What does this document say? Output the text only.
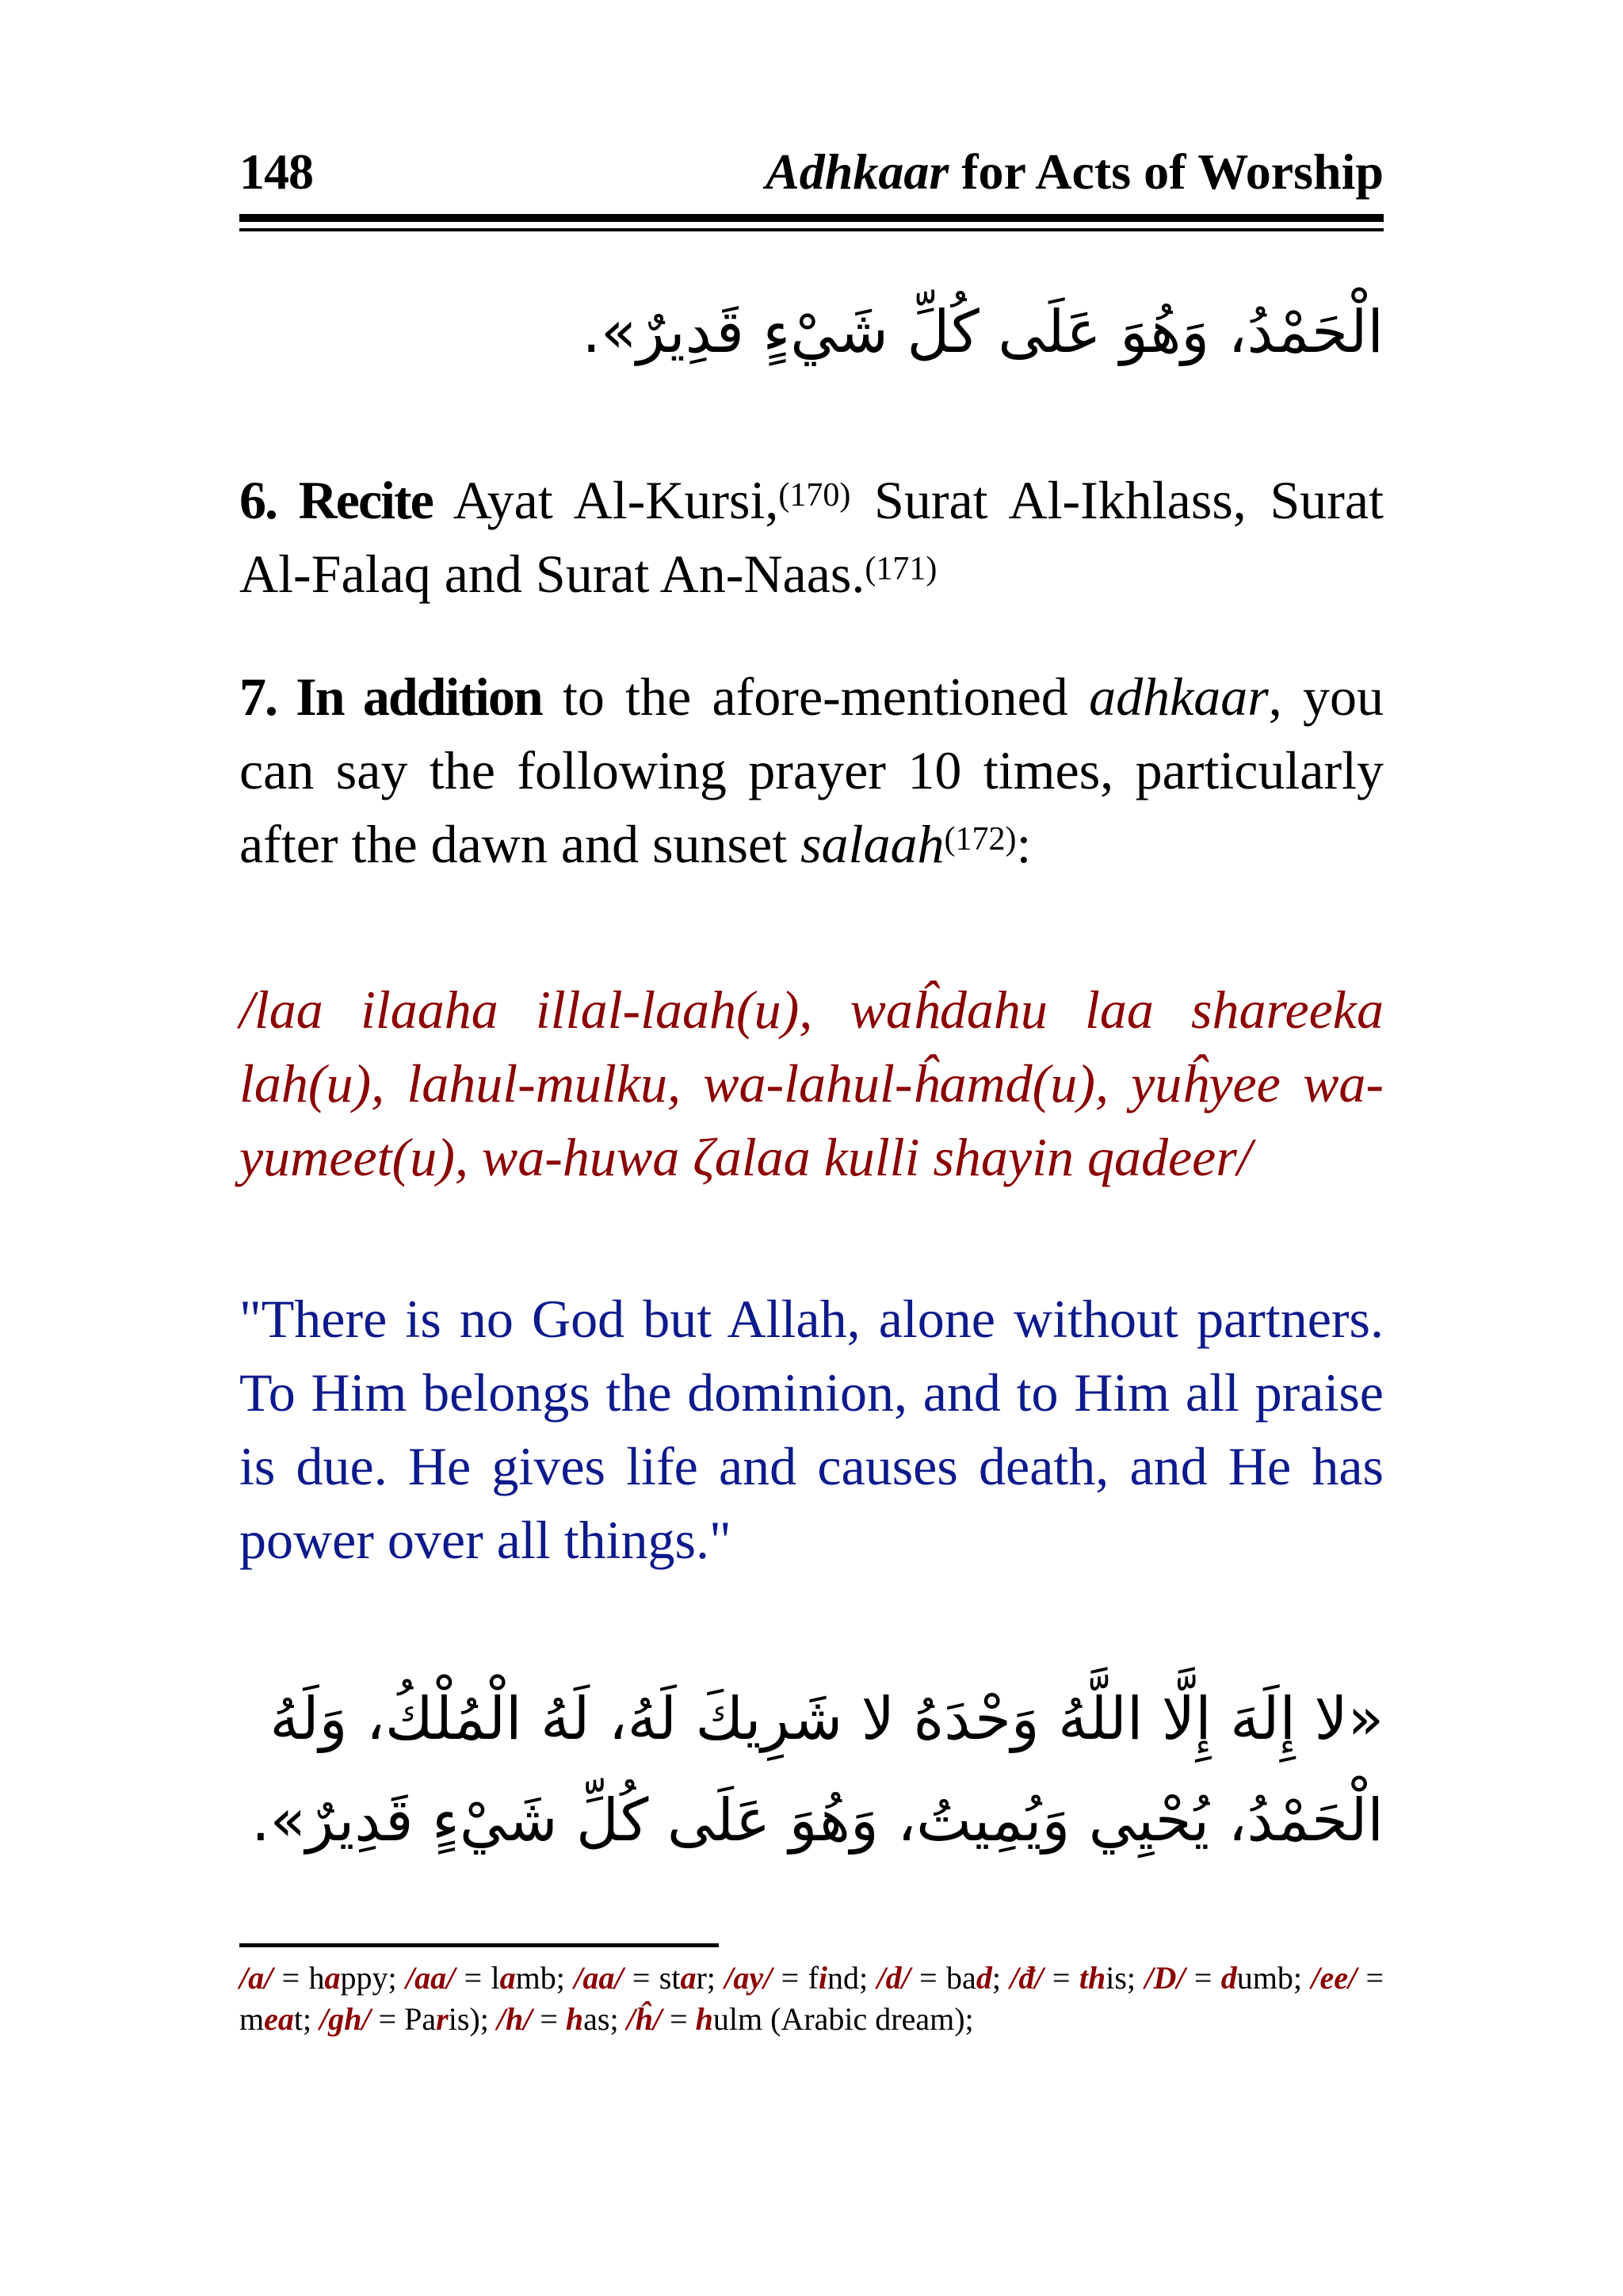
148	Adhkaar for Acts of Worship
الْحَمْدُ، وَهُوَ عَلَى كُلِّ شَيْءٍ قَدِيرٌ».
6. Recite Ayat Al-Kursi,$^{(170)}$ Surat Al-Ikhlass, Surat Al-Falaq and Surat An-Naas.$^{(171)}$
7. In addition to the afore-mentioned adhkaar, you can say the following prayer 10 times, particularly after the dawn and sunset salaah$^{(172)}$:
/laa ilaaha illal-laah(u), waĥdahu laa shareeka lah(u), lahul-mulku, wa-lahul-ĥamd(u), yuĥyee wa-yumeet(u), wa-huwa ζalaa kulli shayin qadeer/
"There is no God but Allah, alone without partners. To Him belongs the dominion, and to Him all praise is due. He gives life and causes death, and He has power over all things."
«لا إِلَهَ إِلَّا اللَّهُ وَحْدَهُ لا شَرِيكَ لَهُ، لَهُ الْمُلْكُ، وَلَهُ
الْحَمْدُ، يُحْيِي وَيُمِيتُ، وَهُوَ عَلَى كُلِّ شَيْءٍ قَدِيرٌ».
/a/ = happy; /aa/ = lamb; /aa/ = star; /ay/ = find; /d/ = bad; /đ/ = this; /D/ = dumb; /ee/ = meat; /gh/ = Paris); /h/ = has; /ĥ/ = hulm (Arabic dream);
